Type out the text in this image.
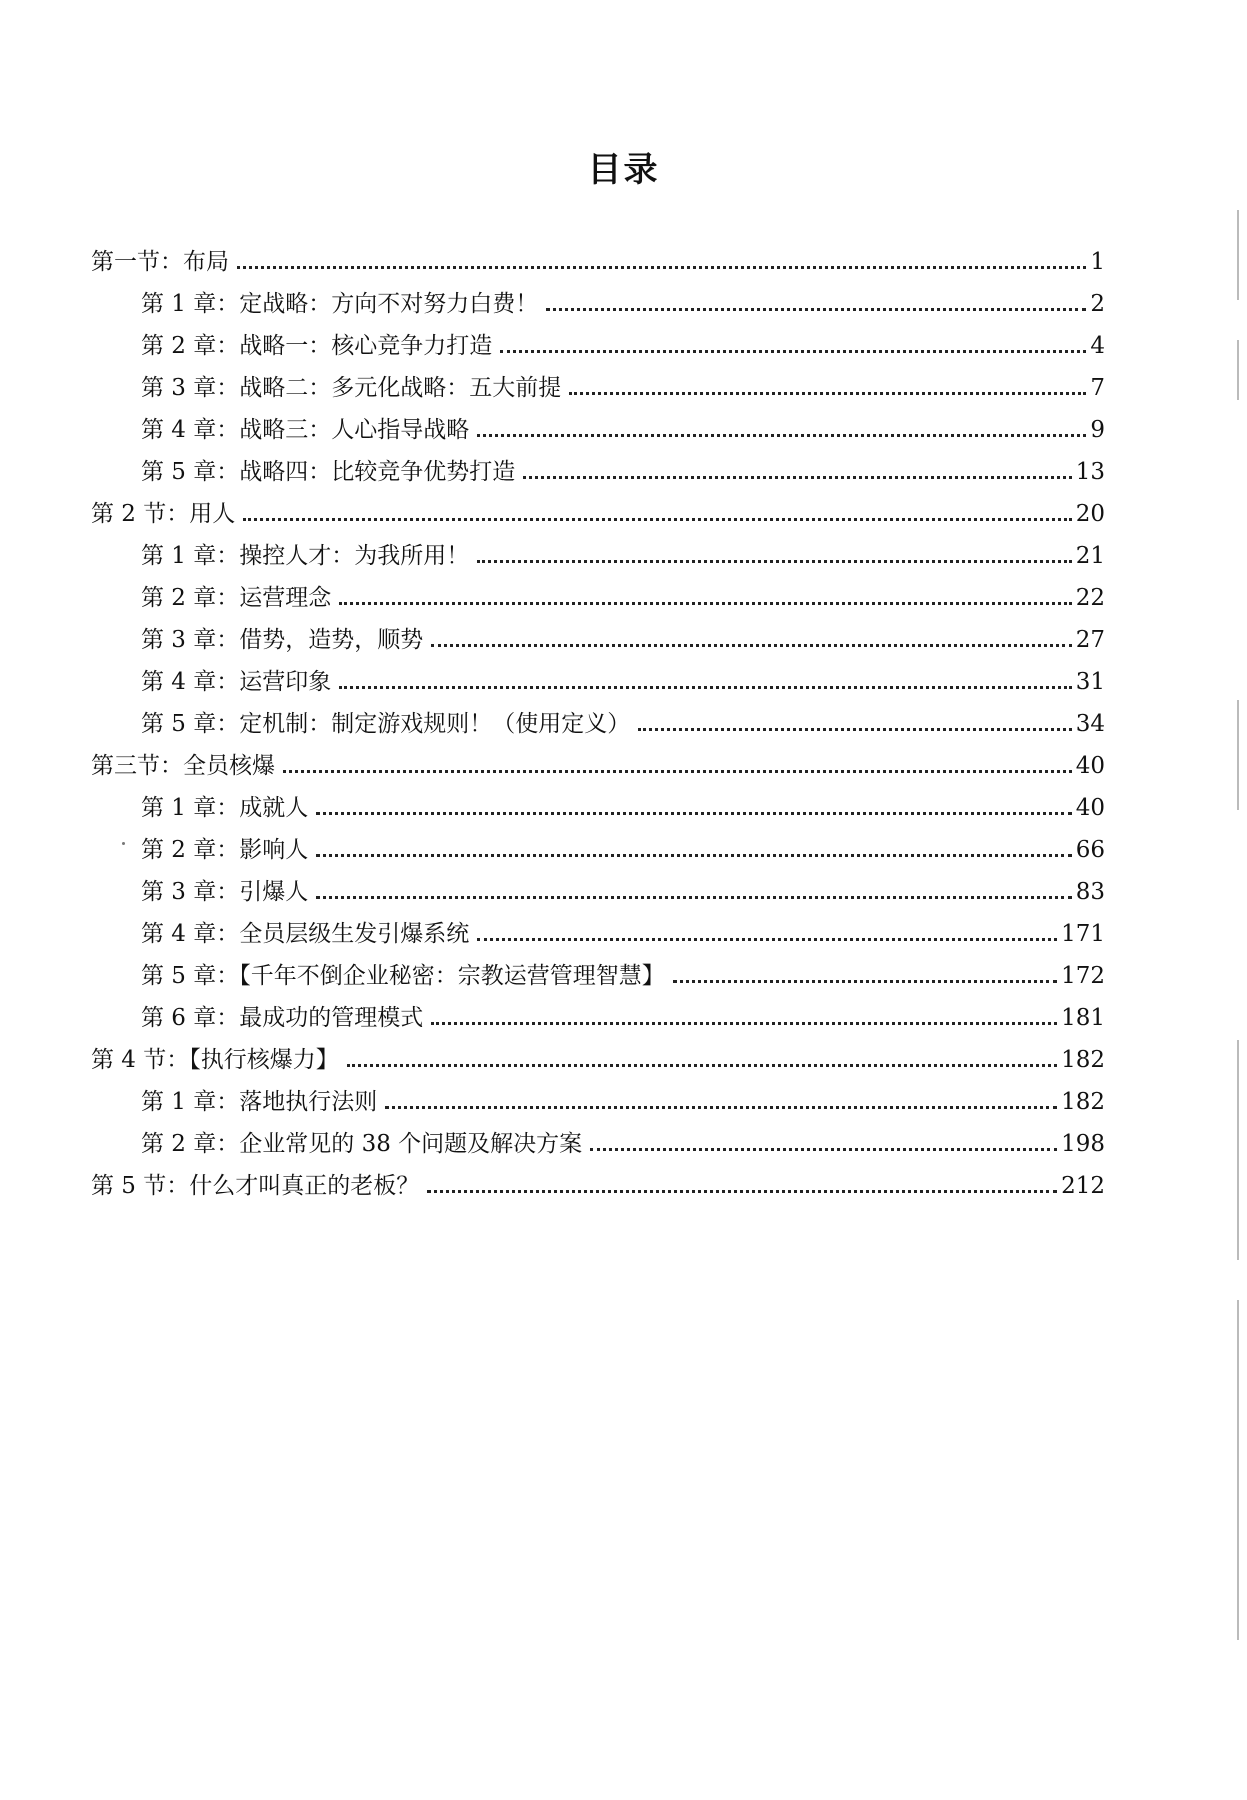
目录
第一节：布局	1
第 1 章：定战略：方向不对努力白费！	2
第 2 章：战略一：核心竞争力打造	4
第 3 章：战略二：多元化战略：五大前提	7
第 4 章：战略三：人心指导战略	9
第 5 章：战略四：比较竞争优势打造	13
第 2 节：用人	20
第 1 章：操控人才：为我所用！	21
第 2 章：运营理念	22
第 3 章：借势，造势，顺势	27
第 4 章：运营印象	31
第 5 章：定机制：制定游戏规则！（使用定义）	34
第三节：全员核爆	40
第 1 章：成就人	40
第 2 章：影响人	66
第 3 章：引爆人	83
第 4 章：全员层级生发引爆系统	171
第 5 章：【千年不倒企业秘密：宗教运营管理智慧】	172
第 6 章：最成功的管理模式	181
第 4 节：【执行核爆力】	182
第 1 章：落地执行法则	182
第 2 章：企业常见的 38 个问题及解决方案	198
第 5 节：什么才叫真正的老板？	212
